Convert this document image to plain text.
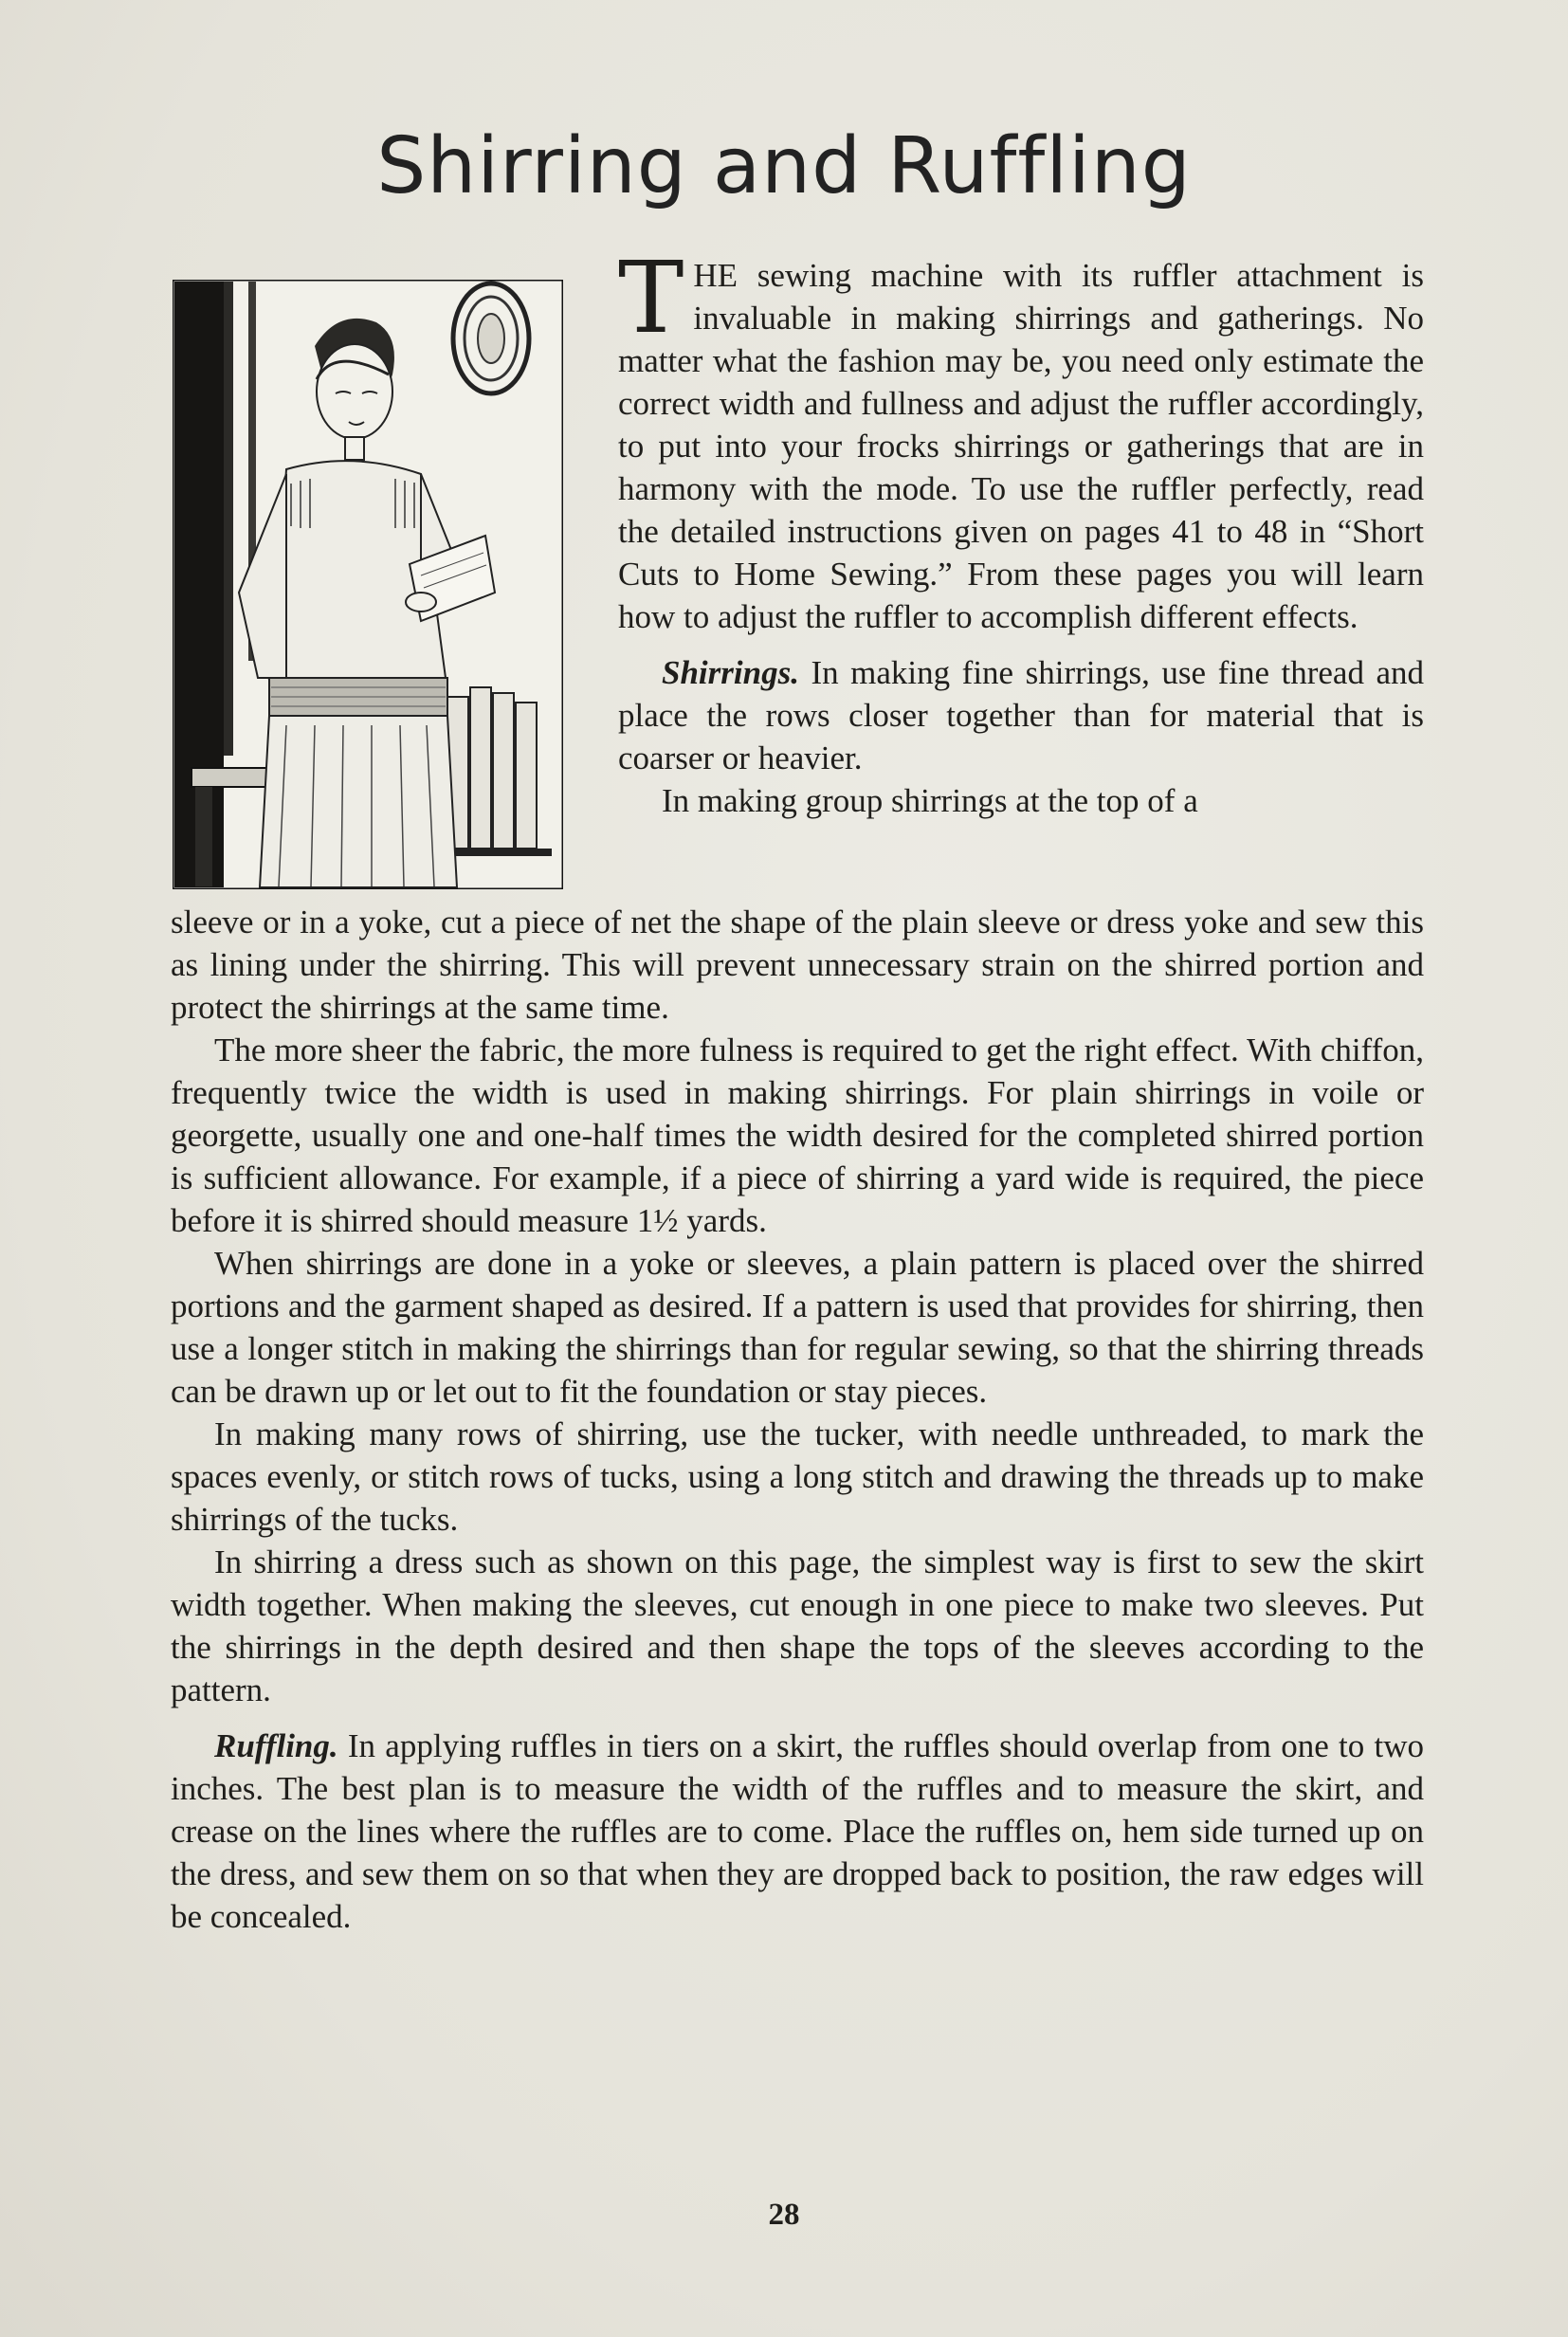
Shirring and Ruffling

THE sewing machine with its ruffler attachment is invaluable in making shirrings and gatherings. No matter what the fashion may be, you need only estimate the correct width and fullness and adjust the ruffler accordingly, to put into your frocks shirrings or gatherings that are in harmony with the mode. To use the ruffler perfectly, read the detailed instructions given on pages 41 to 48 in “Short Cuts to Home Sewing.” From these pages you will learn how to adjust the ruffler to accomplish different effects.

Shirrings. In making fine shirrings, use fine thread and place the rows closer together than for material that is coarser or heavier.

In making group shirrings at the top of a

sleeve or in a yoke, cut a piece of net the shape of the plain sleeve or dress yoke and sew this as lining under the shirring. This will prevent unnecessary strain on the shirred portion and protect the shirrings at the same time.

The more sheer the fabric, the more fulness is required to get the right effect. With chiffon, frequently twice the width is used in making shirrings. For plain shirrings in voile or georgette, usually one and one-half times the width desired for the completed shirred portion is sufficient allowance. For example, if a piece of shirring a yard wide is required, the piece before it is shirred should measure 1½ yards.

When shirrings are done in a yoke or sleeves, a plain pattern is placed over the shirred portions and the garment shaped as desired. If a pattern is used that provides for shirring, then use a longer stitch in making the shirrings than for regular sewing, so that the shirring threads can be drawn up or let out to fit the foundation or stay pieces.

In making many rows of shirring, use the tucker, with needle unthreaded, to mark the spaces evenly, or stitch rows of tucks, using a long stitch and drawing the threads up to make shirrings of the tucks.

In shirring a dress such as shown on this page, the simplest way is first to sew the skirt width together. When making the sleeves, cut enough in one piece to make two sleeves. Put the shirrings in the depth desired and then shape the tops of the sleeves according to the pattern.

Ruffling. In applying ruffles in tiers on a skirt, the ruffles should overlap from one to two inches. The best plan is to measure the width of the ruffles and to measure the skirt, and crease on the lines where the ruffles are to come. Place the ruffles on, hem side turned up on the dress, and sew them on so that when they are dropped back to position, the raw edges will be concealed.

28
